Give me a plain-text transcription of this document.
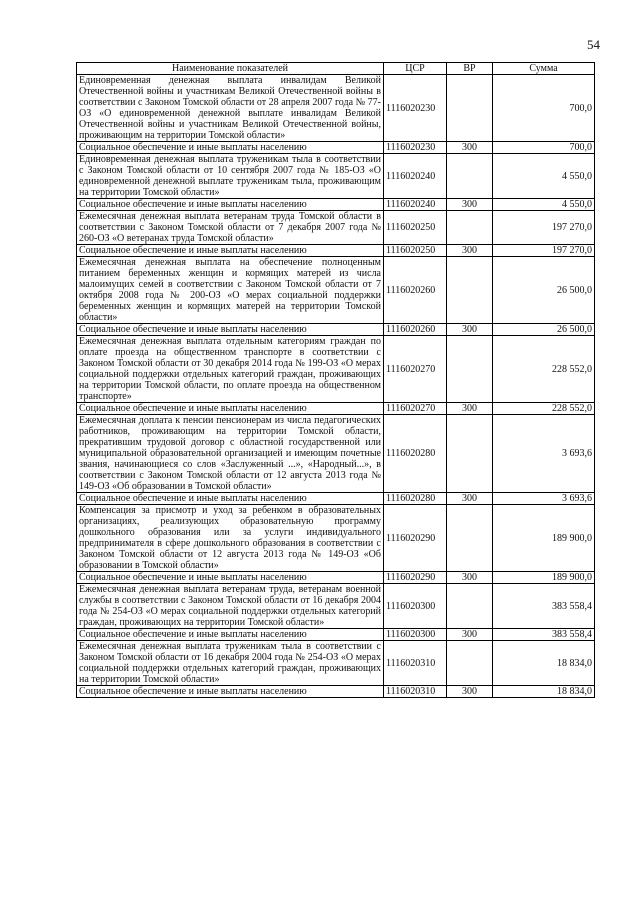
54
Наименование показателей	ЦСР	ВР	Сумма
Единовременная денежная выплата инвалидам Великой Отечественной войны и участникам Великой Отечественной войны в соответствии с Законом Томской области от 28 апреля 2007 года № 77-ОЗ «О единовременной денежной выплате инвалидам Великой Отечественной войны и участникам Великой Отечественной войны, проживающим на территории Томской области»	1116020230		700,0
Социальное обеспечение и иные выплаты населению	1116020230	300	700,0
Единовременная денежная выплата труженикам тыла в соответствии с Законом Томской области от 10 сентября 2007 года № 185-ОЗ «О единовременной денежной выплате труженикам тыла, проживающим на территории Томской области»	1116020240		4 550,0
Социальное обеспечение и иные выплаты населению	1116020240	300	4 550,0
Ежемесячная денежная выплата ветеранам труда Томской области в соответствии с Законом Томской области от 7 декабря 2007 года № 260-ОЗ «О ветеранах труда Томской области»	1116020250		197 270,0
Социальное обеспечение и иные выплаты населению	1116020250	300	197 270,0
Ежемесячная денежная выплата на обеспечение полноценным питанием беременных женщин и кормящих матерей из числа малоимущих семей в соответствии с Законом Томской области от 7 октября 2008 года № 200-ОЗ «О мерах социальной поддержки беременных женщин и кормящих матерей на территории Томской области»	1116020260		26 500,0
Социальное обеспечение и иные выплаты населению	1116020260	300	26 500,0
Ежемесячная денежная выплата отдельным категориям граждан по оплате проезда на общественном транспорте в соответствии с Законом Томской области от 30 декабря 2014 года № 199-ОЗ «О мерах социальной поддержки отдельных категорий граждан, проживающих на территории Томской области, по оплате проезда на общественном транспорте»	1116020270		228 552,0
Социальное обеспечение и иные выплаты населению	1116020270	300	228 552,0
Ежемесячная доплата к пенсии пенсионерам из числа педагогических работников, проживающим на территории Томской области, прекратившим трудовой договор с областной государственной или муниципальной образовательной организацией и имеющим почетные звания, начинающиеся со слов «Заслуженный ...», «Народный...», в соответствии с Законом Томской области от 12 августа 2013 года № 149-ОЗ «Об образовании в Томской области»	1116020280		3 693,6
Социальное обеспечение и иные выплаты населению	1116020280	300	3 693,6
Компенсация за присмотр и уход за ребенком в образовательных организациях, реализующих образовательную программу дошкольного образования или за услуги индивидуального предпринимателя в сфере дошкольного образования в соответствии с Законом Томской области от 12 августа 2013 года № 149-ОЗ «Об образовании в Томской области»	1116020290		189 900,0
Социальное обеспечение и иные выплаты населению	1116020290	300	189 900,0
Ежемесячная денежная выплата ветеранам труда, ветеранам военной службы в соответствии с Законом Томской области от 16 декабря 2004 года № 254-ОЗ «О мерах социальной поддержки отдельных категорий граждан, проживающих на территории Томской области»	1116020300		383 558,4
Социальное обеспечение и иные выплаты населению	1116020300	300	383 558,4
Ежемесячная денежная выплата труженикам тыла в соответствии с Законом Томской области от 16 декабря 2004 года № 254-ОЗ «О мерах социальной поддержки отдельных категорий граждан, проживающих на территории Томской области»	1116020310		18 834,0
Социальное обеспечение и иные выплаты населению	1116020310	300	18 834,0
